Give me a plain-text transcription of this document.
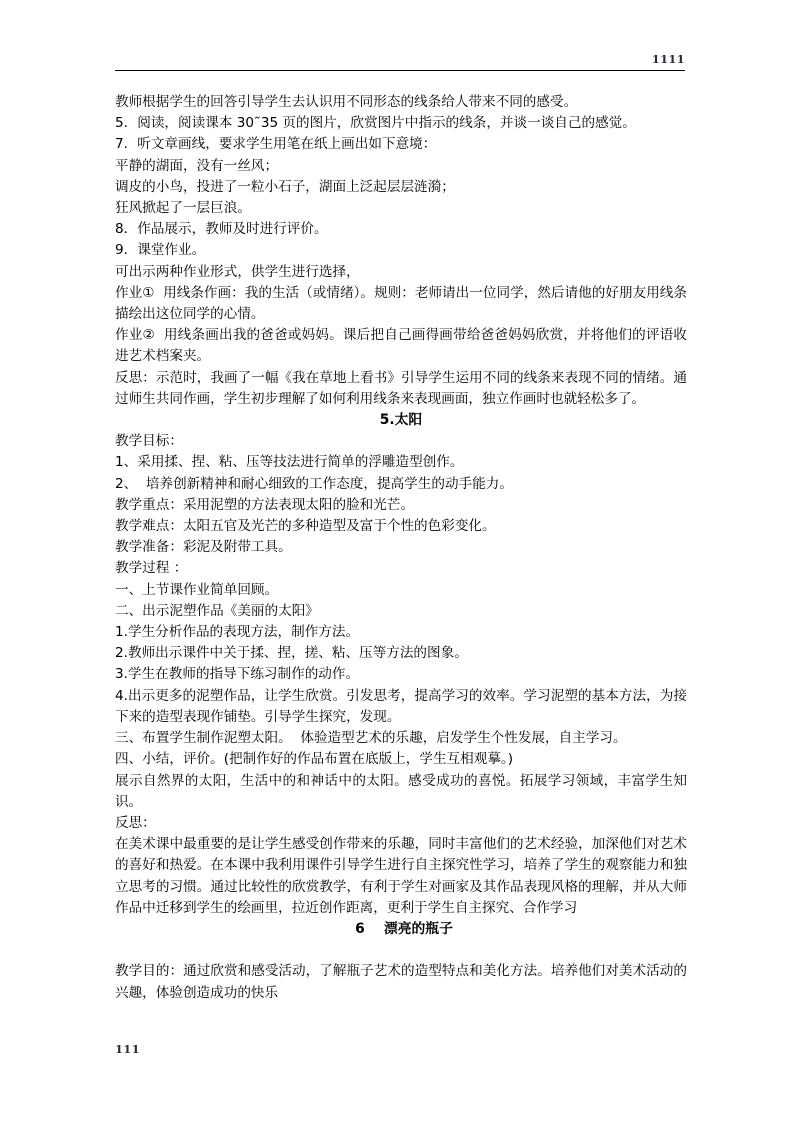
1111
教师根据学生的回答引导学生去认识用不同形态的线条给人带来不同的感受。
5．阅读，阅读课本 30˜35 页的图片，欣赏图片中指示的线条，并谈一谈自己的感觉。
7．听文章画线，要求学生用笔在纸上画出如下意境：
平静的湖面，没有一丝风；
调皮的小鸟，投进了一粒小石子，湖面上泛起层层涟漪；
狂风掀起了一层巨浪。
8．作品展示，教师及时进行评价。
9．课堂作业。
可出示两种作业形式，供学生进行选择，
作业①  用线条作画：我的生活（或情绪）。规则：老师请出一位同学，然后请他的好朋友用线条描绘出这位同学的心情。
作业②  用线条画出我的爸爸或妈妈。课后把自己画得画带给爸爸妈妈欣赏，并将他们的评语收进艺术档案夹。
反思：示范时，我画了一幅《我在草地上看书》引导学生运用不同的线条来表现不同的情绪。通过师生共同作画，学生初步理解了如何利用线条来表现画面，独立作画时也就轻松多了。
5.太阳
教学目标：
1、采用揉、捏、粘、压等技法进行简单的浮雕造型创作。
2、  培养创新精神和耐心细致的工作态度，提高学生的动手能力。
教学重点：采用泥塑的方法表现太阳的脸和光芒。
教学难点：太阳五官及光芒的多种造型及富于个性的色彩变化。
教学准备：彩泥及附带工具。
教学过程 ：
一、上节课作业简单回顾。
二、出示泥塑作品《美丽的太阳》
1.学生分析作品的表现方法，制作方法。
2.教师出示课件中关于揉、捏，搓、粘、压等方法的图象。
3.学生在教师的指导下练习制作的动作。
4.出示更多的泥塑作品，让学生欣赏。引发思考，提高学习的效率。学习泥塑的基本方法，为接下来的造型表现作铺垫。引导学生探究，发现。
三、布置学生制作泥塑太阳。  体验造型艺术的乐趣，启发学生个性发展，自主学习。
四、小结，评价。(把制作好的作品布置在底版上，学生互相观摹。)
展示自然界的太阳，生活中的和神话中的太阳。感受成功的喜悦。拓展学习领域，丰富学生知识。
反思：
在美术课中最重要的是让学生感受创作带来的乐趣，同时丰富他们的艺术经验，加深他们对艺术的喜好和热爱。在本课中我利用课件引导学生进行自主探究性学习，培养了学生的观察能力和独立思考的习惯。通过比较性的欣赏教学，有利于学生对画家及其作品表现风格的理解，并从大师作品中迁移到学生的绘画里，拉近创作距离，更利于学生自主探究、合作学习
6    漂亮的瓶子
教学目的：通过欣赏和感受活动，了解瓶子艺术的造型特点和美化方法。培养他们对美术活动的兴趣，体验创造成功的快乐
111
